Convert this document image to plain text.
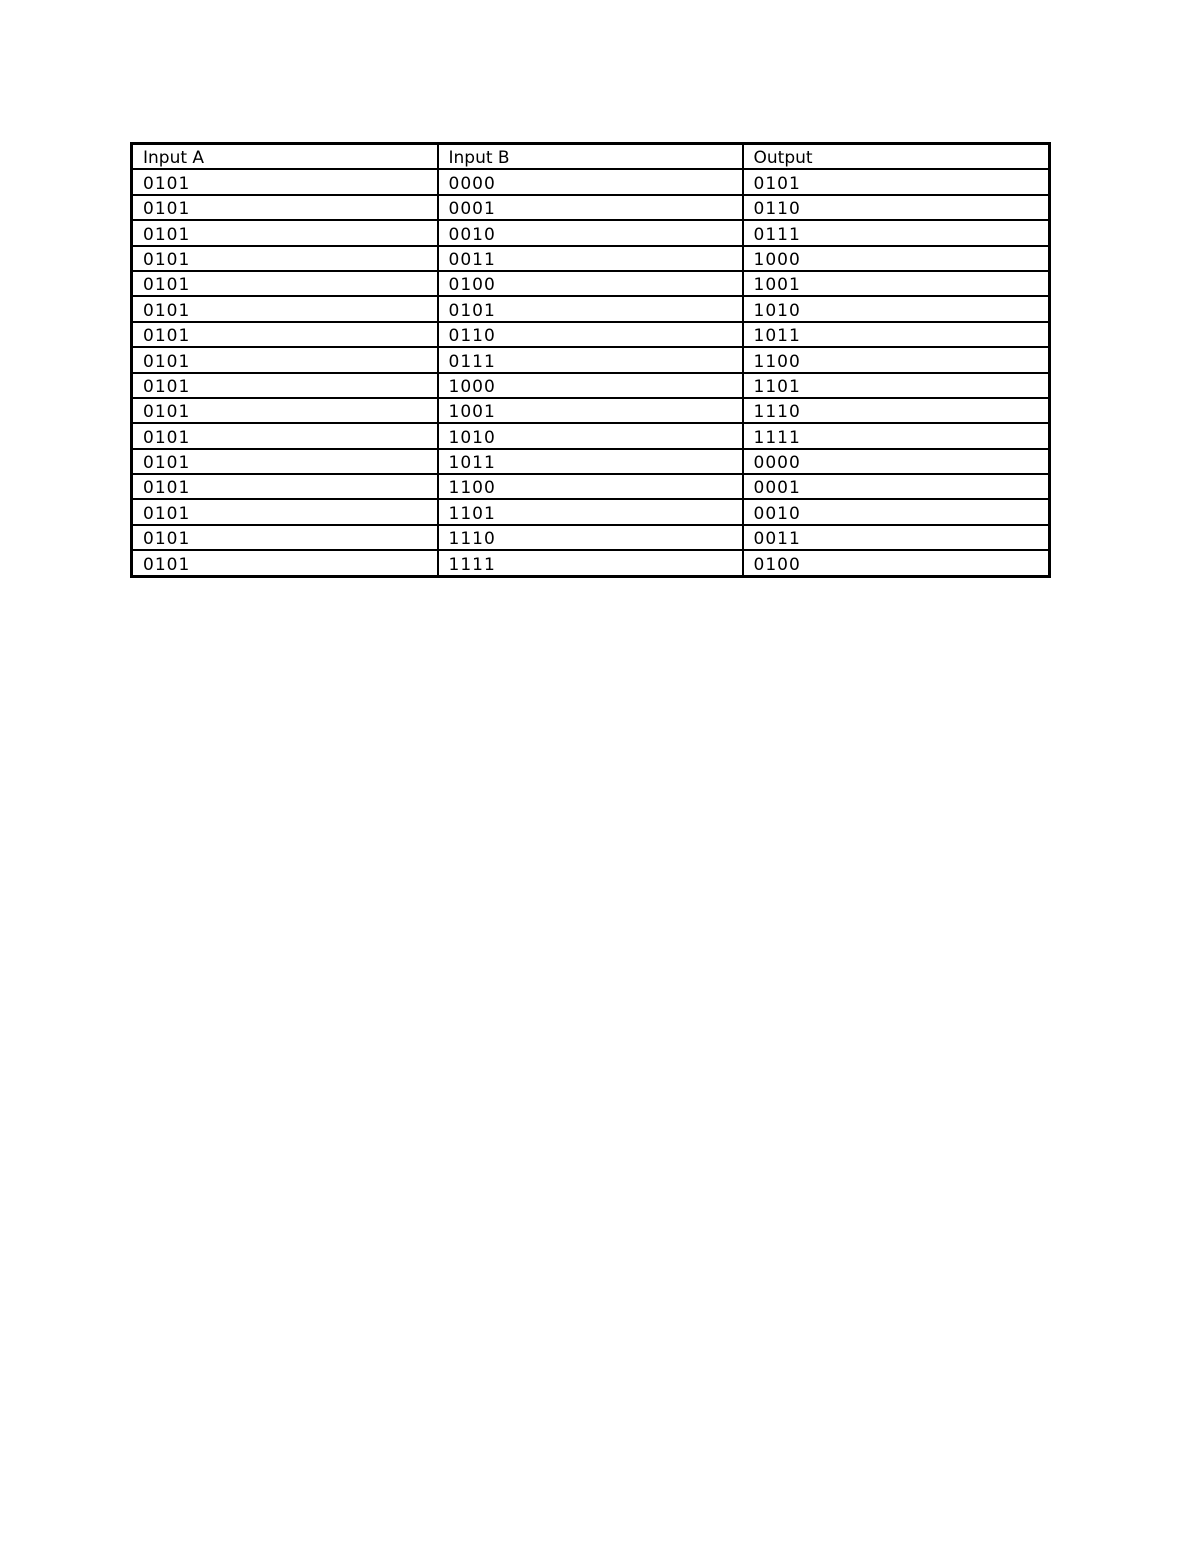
Input A	Input B	Output
0101	0000	0101
0101	0001	0110
0101	0010	0111
0101	0011	1000
0101	0100	1001
0101	0101	1010
0101	0110	1011
0101	0111	1100
0101	1000	1101
0101	1001	1110
0101	1010	1111
0101	1011	0000
0101	1100	0001
0101	1101	0010
0101	1110	0011
0101	1111	0100
